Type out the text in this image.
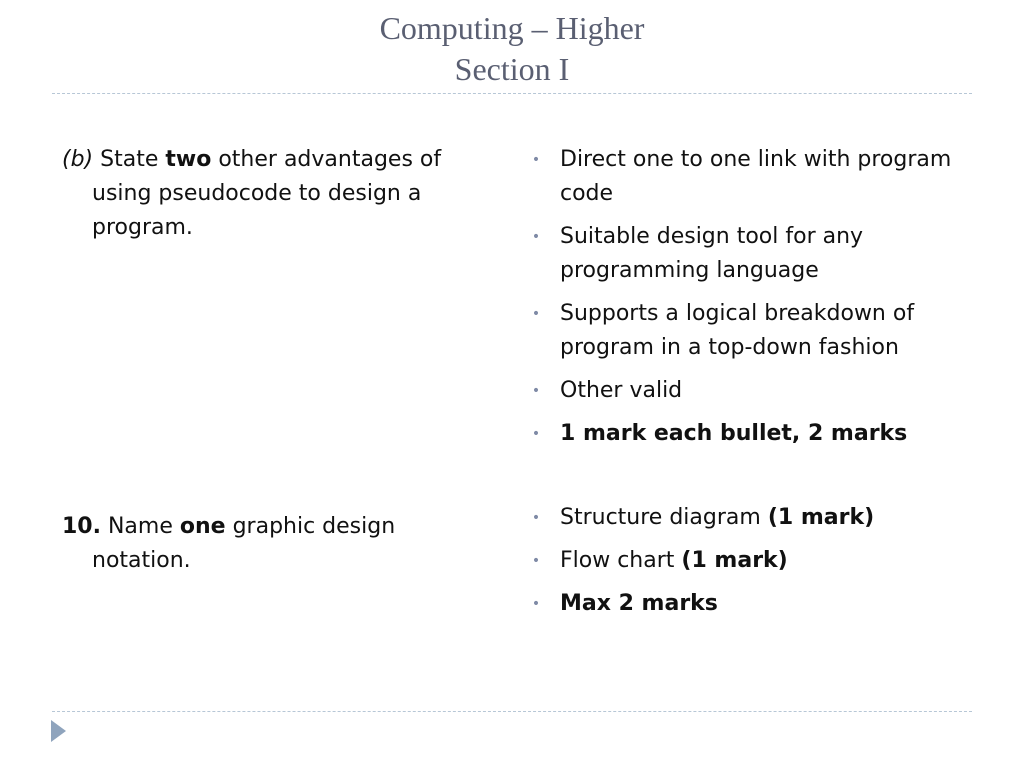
Computing – Higher
Section I
(b) State two other advantages of using pseudocode to design a program.
• Direct one to one link with program code
• Suitable design tool for any programming language
• Supports a logical breakdown of program in a top-down fashion
• Other valid
• 1 mark each bullet, 2 marks
10. Name one graphic design notation.
• Structure diagram (1 mark)
• Flow chart (1 mark)
• Max 2 marks
